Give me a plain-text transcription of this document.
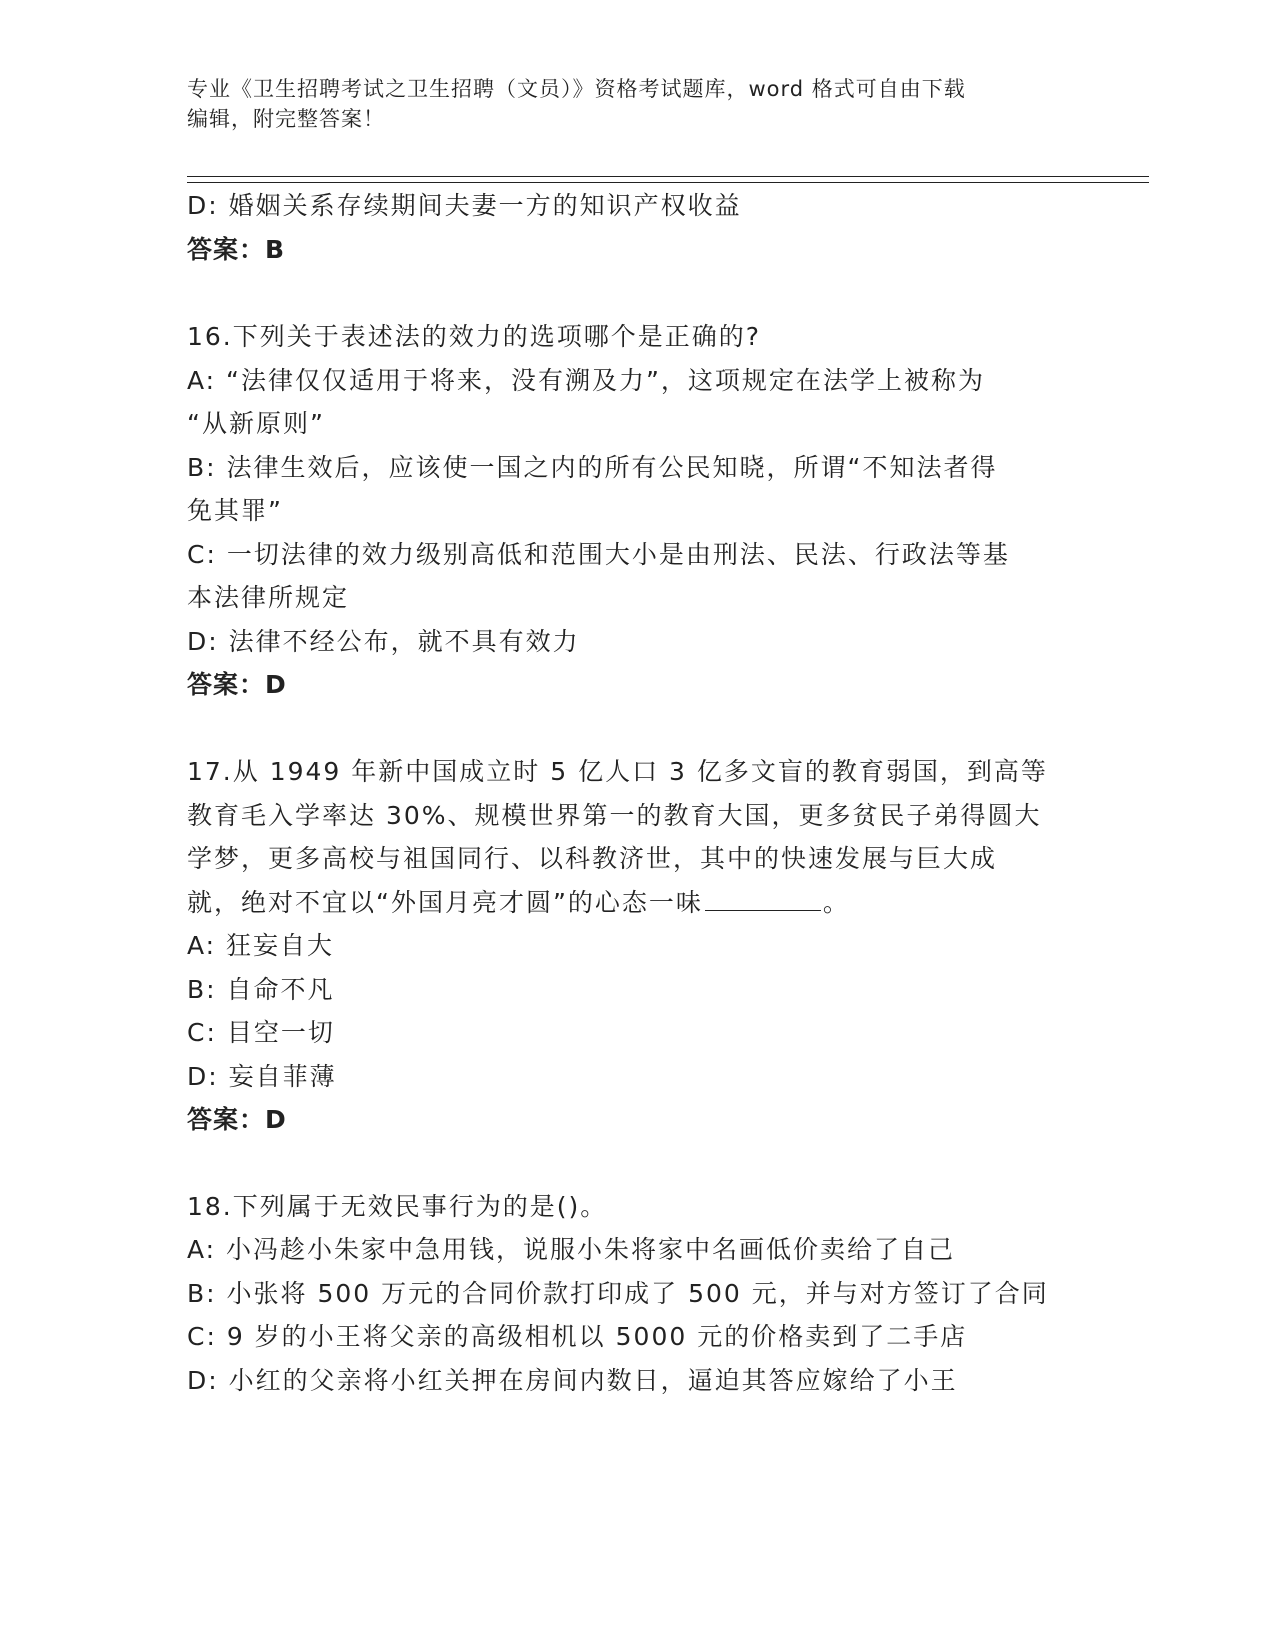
专业《卫生招聘考试之卫生招聘（文员）》资格考试题库，word 格式可自由下载
编辑，附完整答案！
D: 婚姻关系存续期间夫妻一方的知识产权收益
答案：B
16.下列关于表述法的效力的选项哪个是正确的?
A: “法律仅仅适用于将来，没有溯及力”，这项规定在法学上被称为
“从新原则”
B: 法律生效后，应该使一国之内的所有公民知晓，所谓“不知法者得
免其罪”
C: 一切法律的效力级别高低和范围大小是由刑法、民法、行政法等基
本法律所规定
D: 法律不经公布，就不具有效力
答案：D
17.从 1949 年新中国成立时 5 亿人口 3 亿多文盲的教育弱国，到高等
教育毛入学率达 30%、规模世界第一的教育大国，更多贫民子弟得圆大
学梦，更多高校与祖国同行、以科教济世，其中的快速发展与巨大成
就，绝对不宜以“外国月亮才圆”的心态一味	。
A: 狂妄自大
B: 自命不凡
C: 目空一切
D: 妄自菲薄
答案：D
18.下列属于无效民事行为的是()。
A: 小冯趁小朱家中急用钱，说服小朱将家中名画低价卖给了自己
B: 小张将 500 万元的合同价款打印成了 500 元，并与对方签订了合同
C: 9 岁的小王将父亲的高级相机以 5000 元的价格卖到了二手店
D: 小红的父亲将小红关押在房间内数日，逼迫其答应嫁给了小王
